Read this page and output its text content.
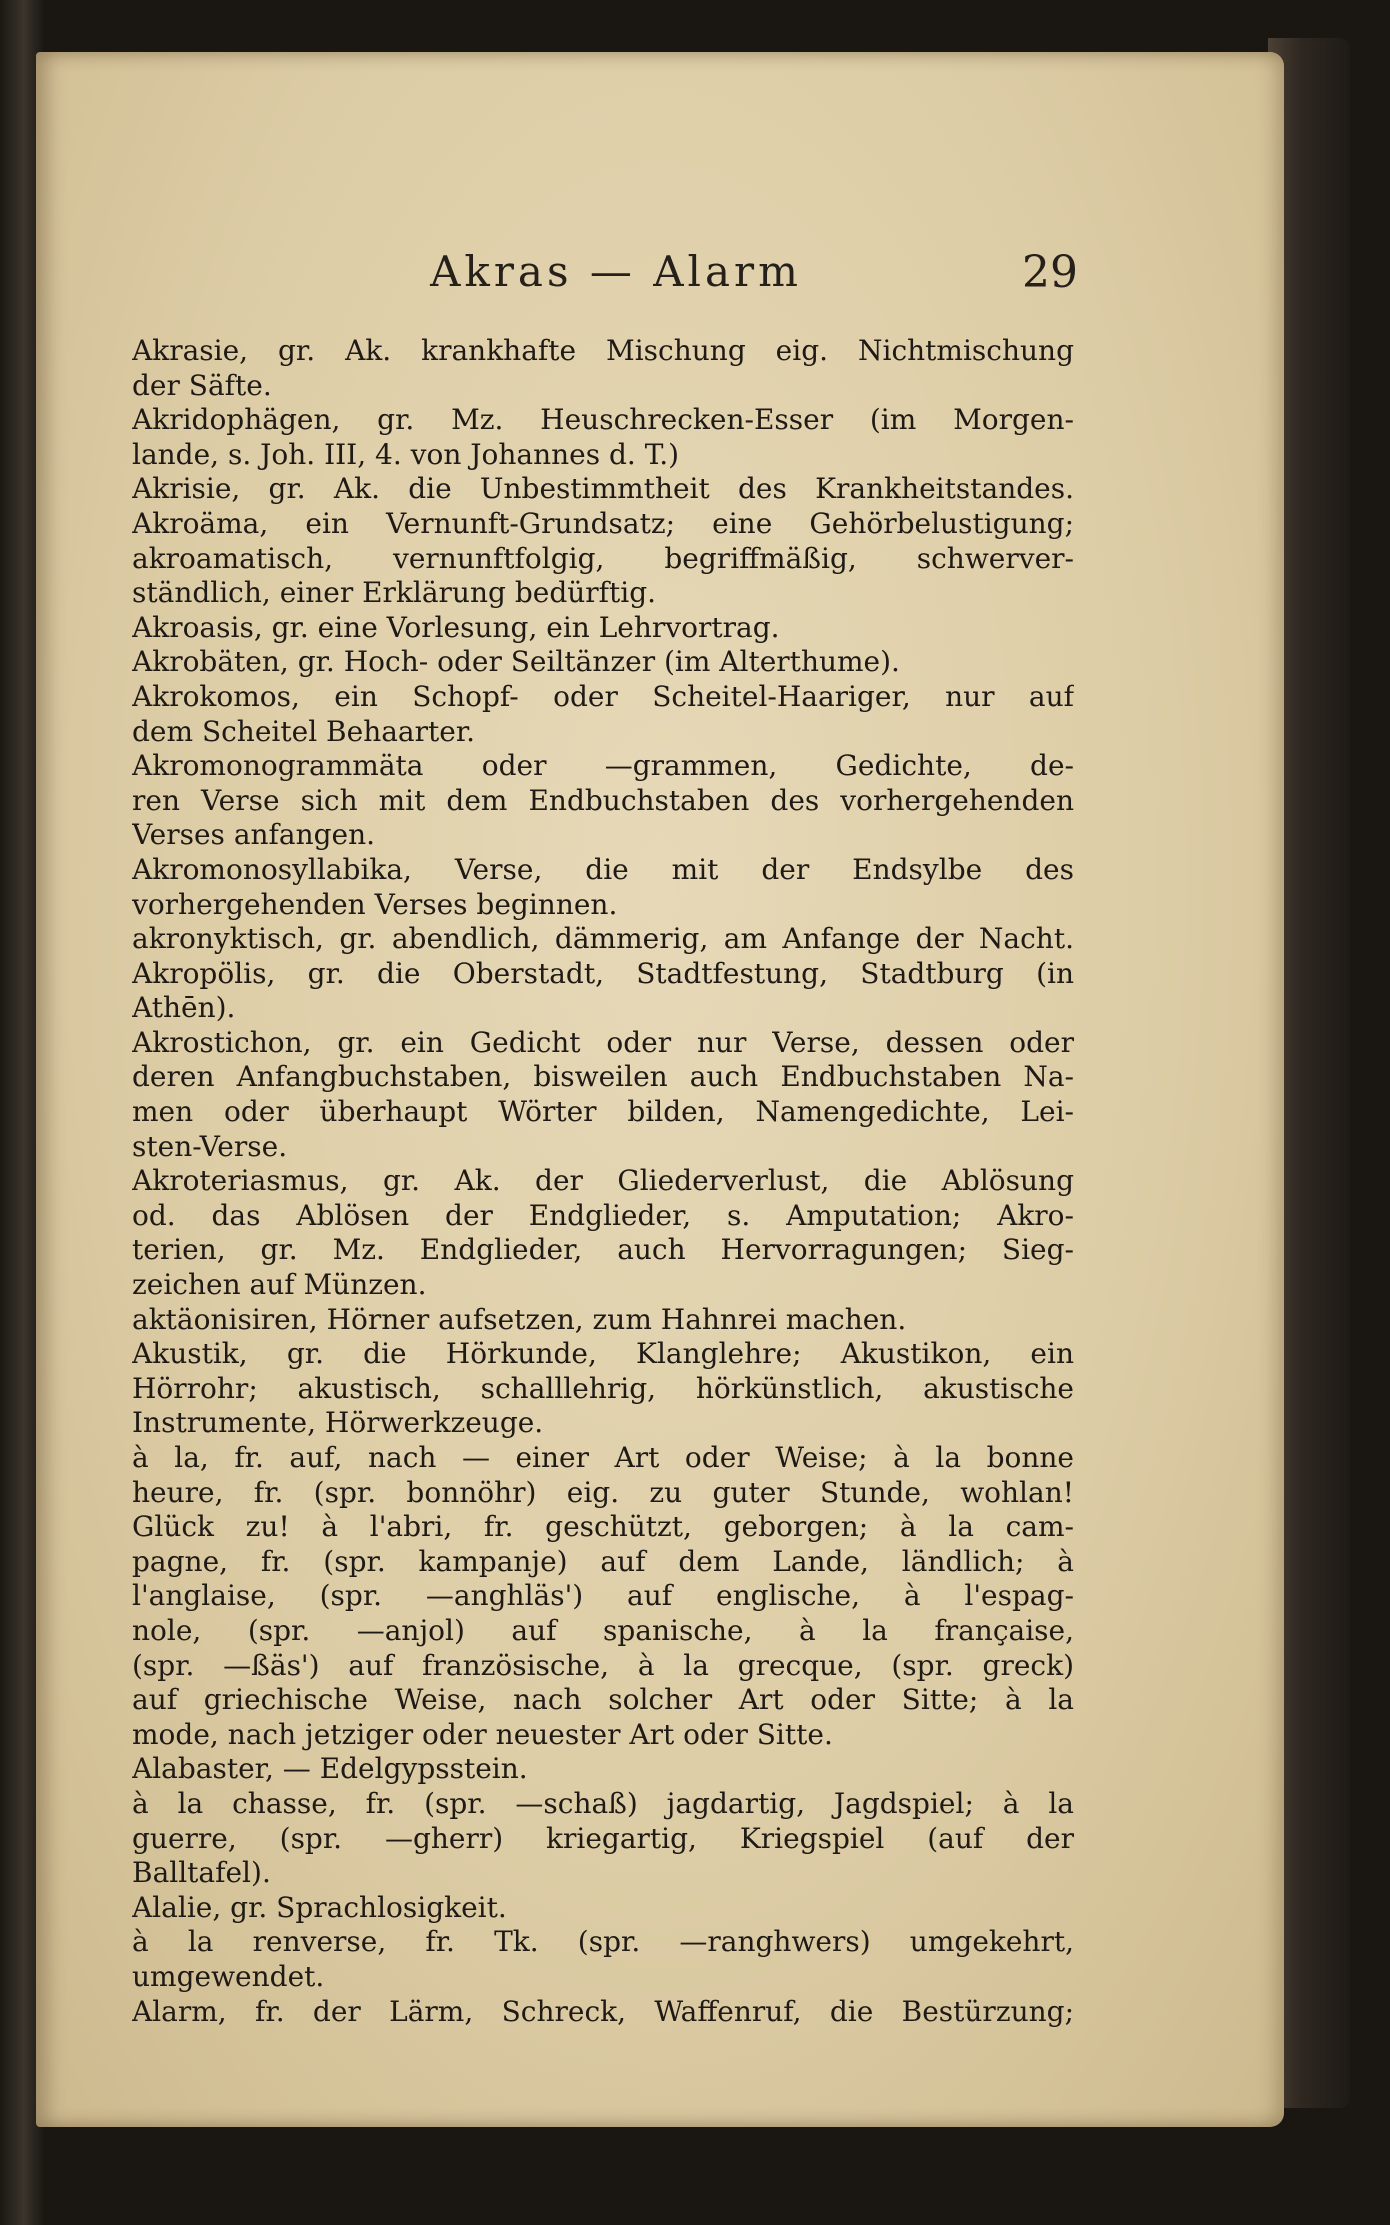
Akras — Alarm	29
Akrasie, gr. Ak. krankhafte Mischung eig. Nichtmischung
der Säfte.
Akridophägen, gr. Mz. Heuschrecken-Esser (im Morgen-
lande, s. Joh. III, 4. von Johannes d. T.)
Akrisie, gr. Ak. die Unbestimmtheit des Krankheitstandes.
Akroäma, ein Vernunft-Grundsatz; eine Gehörbelustigung;
akroamatisch, vernunftfolgig, begriffmäßig, schwerver-
ständlich, einer Erklärung bedürftig.
Akroasis, gr. eine Vorlesung, ein Lehrvortrag.
Akrobäten, gr. Hoch- oder Seiltänzer (im Alterthume).
Akrokomos, ein Schopf- oder Scheitel-Haariger, nur auf
dem Scheitel Behaarter.
Akromonogrammäta oder —grammen, Gedichte, de-
ren Verse sich mit dem Endbuchstaben des vorhergehenden
Verses anfangen.
Akromonosyllabika, Verse, die mit der Endsylbe des
vorhergehenden Verses beginnen.
akronyktisch, gr. abendlich, dämmerig, am Anfange der Nacht.
Akropölis, gr. die Oberstadt, Stadtfestung, Stadtburg (in
Athēn).
Akrostichon, gr. ein Gedicht oder nur Verse, dessen oder
deren Anfangbuchstaben, bisweilen auch Endbuchstaben Na-
men oder überhaupt Wörter bilden, Namengedichte, Lei-
sten-Verse.
Akroteriasmus, gr. Ak. der Gliederverlust, die Ablösung
od. das Ablösen der Endglieder, s. Amputation; Akro-
terien, gr. Mz. Endglieder, auch Hervorragungen; Sieg-
zeichen auf Münzen.
aktäonisiren, Hörner aufsetzen, zum Hahnrei machen.
Akustik, gr. die Hörkunde, Klanglehre; Akustikon, ein
Hörrohr; akustisch, schalllehrig, hörkünstlich, akustische
Instrumente, Hörwerkzeuge.
à la, fr. auf, nach — einer Art oder Weise; à la bonne
heure, fr. (spr. bonnöhr) eig. zu guter Stunde, wohlan!
Glück zu! à l'abri, fr. geschützt, geborgen; à la cam-
pagne, fr. (spr. kampanje) auf dem Lande, ländlich; à
l'anglaise, (spr. —anghläs') auf englische, à l'espag-
nole, (spr. —anjol) auf spanische, à la française,
(spr. —ßäs') auf französische, à la grecque, (spr. greck)
auf griechische Weise, nach solcher Art oder Sitte; à la
mode, nach jetziger oder neuester Art oder Sitte.
Alabaster, — Edelgypsstein.
à la chasse, fr. (spr. —schaß) jagdartig, Jagdspiel; à la
guerre, (spr. —gherr) kriegartig, Kriegspiel (auf der
Balltafel).
Alalie, gr. Sprachlosigkeit.
à la renverse, fr. Tk. (spr. —ranghwers) umgekehrt,
umgewendet.
Alarm, fr. der Lärm, Schreck, Waffenruf, die Bestürzung;
